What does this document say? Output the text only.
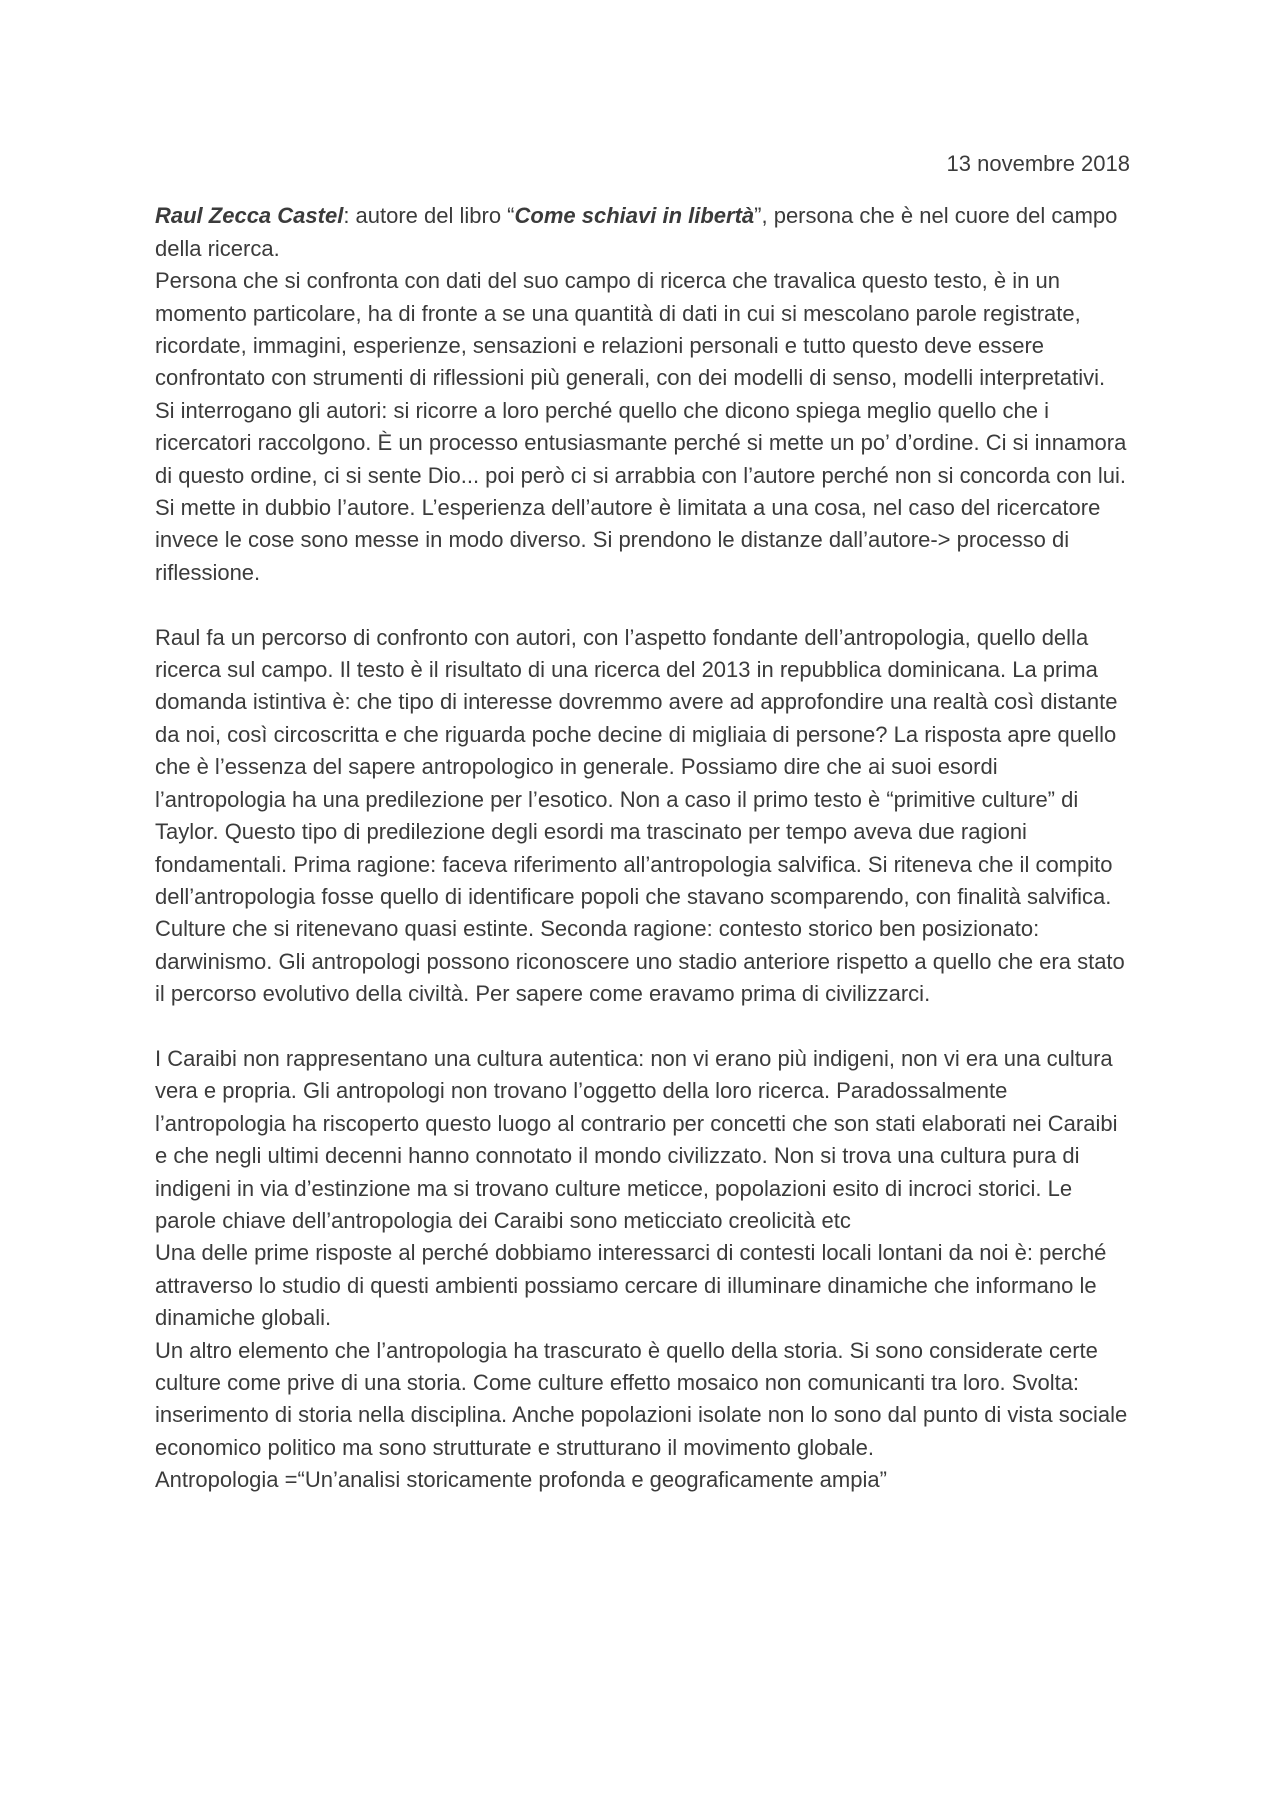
13 novembre 2018

Raul Zecca Castel: autore del libro “Come schiavi in libertà”, persona che è nel cuore del campo della ricerca.

Persona che si confronta con dati del suo campo di ricerca che travalica questo testo, è in un momento particolare, ha di fronte a se una quantità di dati in cui si mescolano parole registrate, ricordate, immagini, esperienze, sensazioni e relazioni personali e tutto questo deve essere confrontato con strumenti di riflessioni più generali, con dei modelli di senso, modelli interpretativi. Si interrogano gli autori: si ricorre a loro perché quello che dicono spiega meglio quello che i ricercatori raccolgono. È un processo entusiasmante perché si mette un po’ d’ordine. Ci si innamora di questo ordine, ci si sente Dio... poi però ci si arrabbia con l’autore perché non si concorda con lui. Si mette in dubbio l’autore. L’esperienza dell’autore è limitata a una cosa, nel caso del ricercatore invece le cose sono messe in modo diverso. Si prendono le distanze dall’autore-> processo di riflessione.

Raul fa un percorso di confronto con autori, con l’aspetto fondante dell’antropologia, quello della ricerca sul campo. Il testo è il risultato di una ricerca del 2013 in repubblica dominicana. La prima domanda istintiva è: che tipo di interesse dovremmo avere ad approfondire una realtà così distante da noi, così circoscritta e che riguarda poche decine di migliaia di persone? La risposta apre quello che è l’essenza del sapere antropologico in generale. Possiamo dire che ai suoi esordi l’antropologia ha una predilezione per l’esotico. Non a caso il primo testo è “primitive culture” di Taylor. Questo tipo di predilezione degli esordi ma trascinato per tempo aveva due ragioni fondamentali. Prima ragione: faceva riferimento all’antropologia salvifica. Si riteneva che il compito dell’antropologia fosse quello di identificare popoli che stavano scomparendo, con finalità salvifica. Culture che si ritenevano quasi estinte. Seconda ragione: contesto storico ben posizionato: darwinismo. Gli antropologi possono riconoscere uno stadio anteriore rispetto a quello che era stato il percorso evolutivo della civiltà. Per sapere come eravamo prima di civilizzarci.

I Caraibi non rappresentano una cultura autentica: non vi erano più indigeni, non vi era una cultura vera e propria. Gli antropologi non trovano l’oggetto della loro ricerca. Paradossalmente l’antropologia ha riscoperto questo luogo al contrario per concetti che son stati elaborati nei Caraibi e che negli ultimi decenni hanno connotato il mondo civilizzato. Non si trova una cultura pura di indigeni in via d’estinzione ma si trovano culture meticce, popolazioni esito di incroci storici. Le parole chiave dell’antropologia dei Caraibi sono meticciato creolicità etc

Una delle prime risposte al perché dobbiamo interessarci di contesti locali lontani da noi è: perché attraverso lo studio di questi ambienti possiamo cercare di illuminare dinamiche che informano le dinamiche globali.

Un altro elemento che l’antropologia ha trascurato è quello della storia. Si sono considerate certe culture come prive di una storia. Come culture effetto mosaico non comunicanti tra loro. Svolta: inserimento di storia nella disciplina. Anche popolazioni isolate non lo sono dal punto di vista sociale economico politico ma sono strutturate e strutturano il movimento globale.

Antropologia =“Un’analisi storicamente profonda e geograficamente ampia”
